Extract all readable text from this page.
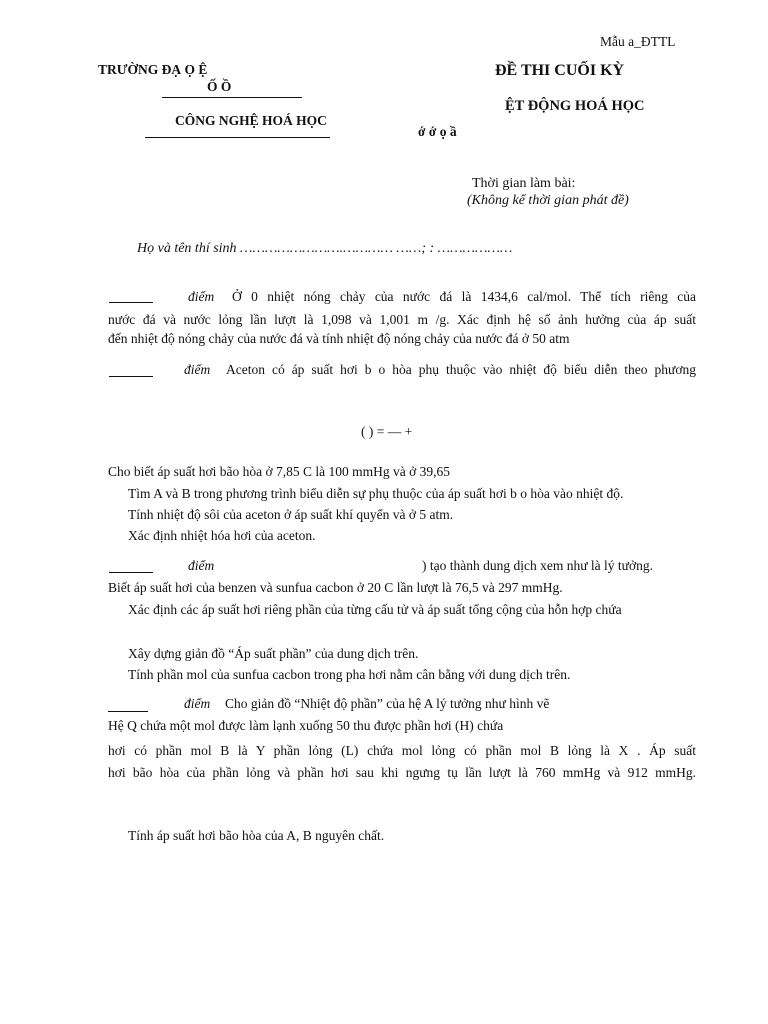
Mẫu a_ĐTTL
TRƯỜNG ĐẠ Ọ Ệ
Ố Ồ
CÔNG NGHỆ HOÁ HỌC
ĐỀ THI CUỐI KỲ
ỆT ĐỘNG HOÁ HỌC
ớ ớ ọ ầ
Thời gian làm bài:
(Không kể thời gian phát đề)
Họ và tên thí sinh …………………….………… ……; : ………………
điểm Ở 0 nhiệt nóng chảy của nước đá là 1434,6 cal/mol. Thể tích riêng của
nước đá và nước lỏng lần lượt là 1,098 và 1,001 m /g. Xác định hệ số ảnh hưởng của áp suất
đến nhiệt độ nóng chảy của nước đá và tính nhiệt độ nóng chảy của nước đá ở 50 atm
điểm Aceton có áp suất hơi b o hòa phụ thuộc vào nhiệt độ biểu diễn theo phương
( ) = — +
Cho biết áp suất hơi bão hòa ở 7,85 C là 100 mmHg và ở 39,65
Tìm A và B trong phương trình biểu diễn sự phụ thuộc của áp suất hơi b o hòa vào nhiệt độ.
Tính nhiệt độ sôi của aceton ở áp suất khí quyển và ở 5 atm.
Xác định nhiệt hóa hơi của aceton.
điểm	) tạo thành dung dịch xem như là lý tưởng.
Biết áp suất hơi của benzen và sunfua cacbon ở 20 C lần lượt là 76,5 và 297 mmHg.
Xác định các áp suất hơi riêng phần của từng cấu tử và áp suất tổng cộng của hỗn hợp chứa
Xây dựng giản đồ “Áp suất phần” của dung dịch trên.
Tính phần mol của sunfua cacbon trong pha hơi nằm cân bằng với dung dịch trên.
điểm Cho giản đồ “Nhiệt độ phần” của hệ A lý tưởng như hình vẽ
Hệ Q chứa một mol được làm lạnh xuống 50 thu được phần hơi (H) chứa
hơi có phần mol B là Y phần lỏng (L) chứa mol lỏng có phần mol B lỏng là X . Áp suất
hơi bão hòa của phần lỏng và phần hơi sau khi ngưng tụ lần lượt là 760 mmHg và 912 mmHg.
Tính áp suất hơi bão hòa của A, B nguyên chất.
